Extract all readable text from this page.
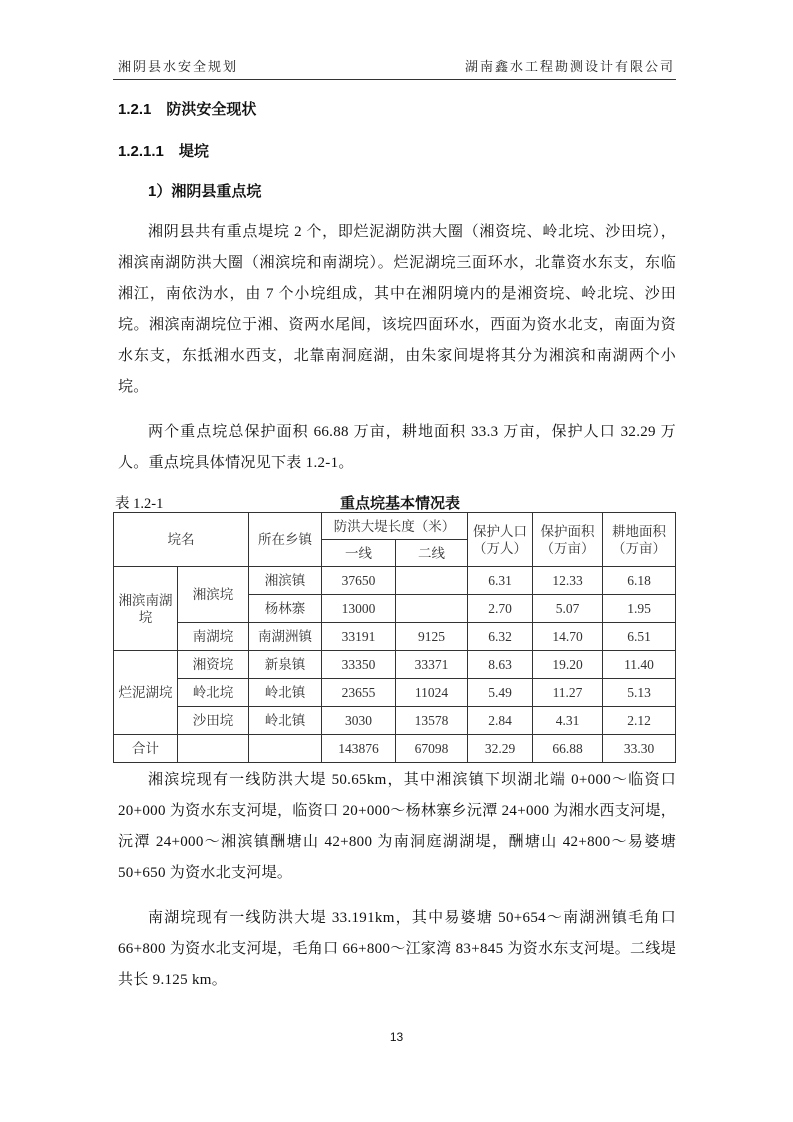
湘阴县水安全规划	湖南鑫水工程勘测设计有限公司
1.2.1　防洪安全现状
1.2.1.1　堤垸
1）湘阴县重点垸
湘阴县共有重点堤垸 2 个，即烂泥湖防洪大圈（湘资垸、岭北垸、沙田垸），湘滨南湖防洪大圈（湘滨垸和南湖垸）。烂泥湖垸三面环水，北靠资水东支，东临湘江，南依沩水，由 7 个小垸组成，其中在湘阴境内的是湘资垸、岭北垸、沙田垸。湘滨南湖垸位于湘、资两水尾闾，该垸四面环水，西面为资水北支，南面为资水东支，东抵湘水西支，北靠南洞庭湖，由朱家间堤将其分为湘滨和南湖两个小垸。
两个重点垸总保护面积 66.88 万亩，耕地面积 33.3 万亩，保护人口 32.29 万人。重点垸具体情况见下表 1.2-1。
表 1.2-1	重点垸基本情况表
垸名		所在乡镇	防洪大堤长度（米）		保护人口（万人）	保护面积（万亩）	耕地面积（万亩）
			一线	二线			
湘滨南湖垸	湘滨垸	湘滨镇	37650		6.31	12.33	6.18
		杨林寨	13000		2.70	5.07	1.95
	南湖垸	南湖洲镇	33191	9125	6.32	14.70	6.51
烂泥湖垸	湘资垸	新泉镇	33350	33371	8.63	19.20	11.40
	岭北垸	岭北镇	23655	11024	5.49	11.27	5.13
	沙田垸	岭北镇	3030	13578	2.84	4.31	2.12
合计			143876	67098	32.29	66.88	33.30
湘滨垸现有一线防洪大堤 50.65km，其中湘滨镇下坝湖北端 0+000～临资口20+000 为资水东支河堤，临资口 20+000～杨林寨乡沅潭 24+000 为湘水西支河堤，沅潭 24+000～湘滨镇酬塘山 42+800 为南洞庭湖湖堤，酬塘山 42+800～易婆塘 50+650 为资水北支河堤。
南湖垸现有一线防洪大堤 33.191km，其中易婆塘 50+654～南湖洲镇毛角口66+800 为资水北支河堤，毛角口 66+800～江家湾 83+845 为资水东支河堤。二线堤共长 9.125 km。
13
